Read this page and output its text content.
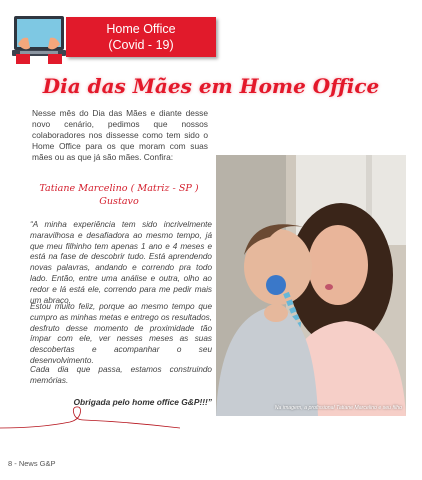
Home Office
(Covid - 19)
Dia das Mães em Home Office
Nesse mês do Dia das Mães e diante desse novo cenário, pedimos que nossos colaboradores nos dissesse como tem sido o Home Office para os que moram com suas mães ou as que já são mães. Confira:
Tatiane Marcelino ( Matriz - SP )
Gustavo
“A minha experiência tem sido incrivelmente maravilhosa e desafiadora ao mesmo tempo, já que meu filhinho tem apenas 1 ano e 4 meses e está na fase de descobrir tudo. Está aprendendo novas palavras, andando e correndo pra todo lado. Então, entre uma análise e outra, olho ao redor e lá está ele, correndo para me pedir mais um abraço.
Estou muito feliz, porque ao mesmo tempo que cumpro as minhas metas e entrego os resultados, desfruto desse momento de proximidade tão ímpar com ele, ver nesses meses as suas descobertas e acompanhar o seu desenvolvimento.
Cada dia que passa, estamos construindo memórias.
Obrigada pelo home office G&P!!!”
Na imagem, a profissional Tatiane Marcelino e seu filho
8 - News G&P
